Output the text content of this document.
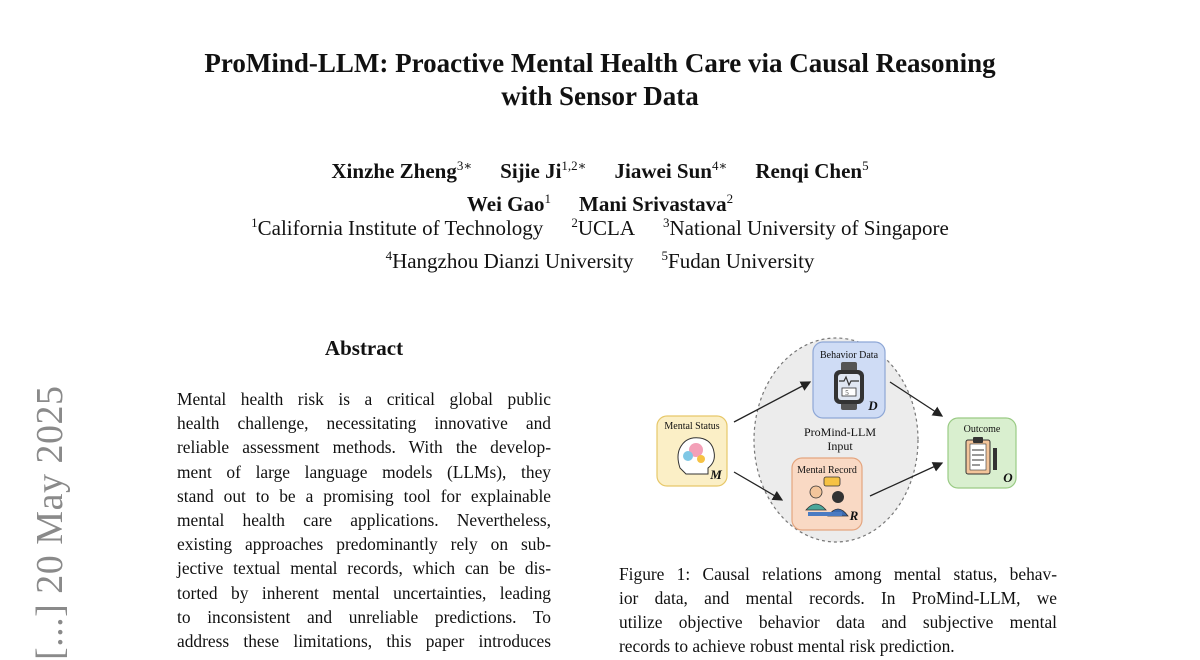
ProMind-LLM: Proactive Mental Health Care via Causal Reasoning
with Sensor Data
Xinzhe Zheng$^{3∗}$ Sijie $Ji^{1,2∗}$ Jiawei Sun$^{4∗}$ Renqi Chen$^5$
Wei Gao$^1$ Mani Srivastava$^2$
$^1$California Institute of Technology $^2$UCLA $^3$National University of Singapore
$^4$Hangzhou Dianzi University $^5$Fudan University
[...] 20 May 2025
Abstract
Mental health risk is a critical global public
health challenge, necessitating innovative and
reliable assessment methods. With the develop-
ment of large language models (LLMs), they
stand out to be a promising tool for explainable
mental health care applications. Nevertheless,
existing approaches predominantly rely on sub-
jective textual mental records, which can be dis-
torted by inherent mental uncertainties, leading
to inconsistent and unreliable predictions. To
address these limitations, this paper introduces
Behavior Data
5
D
ProMind-LLM
Input
Mental Record
R
Mental Status
M
Outcome
O
Figure 1: Causal relations among mental status, behav-
ior data, and mental records. In ProMind-LLM, we
utilize objective behavior data and subjective mental
records to achieve robust mental risk prediction.
